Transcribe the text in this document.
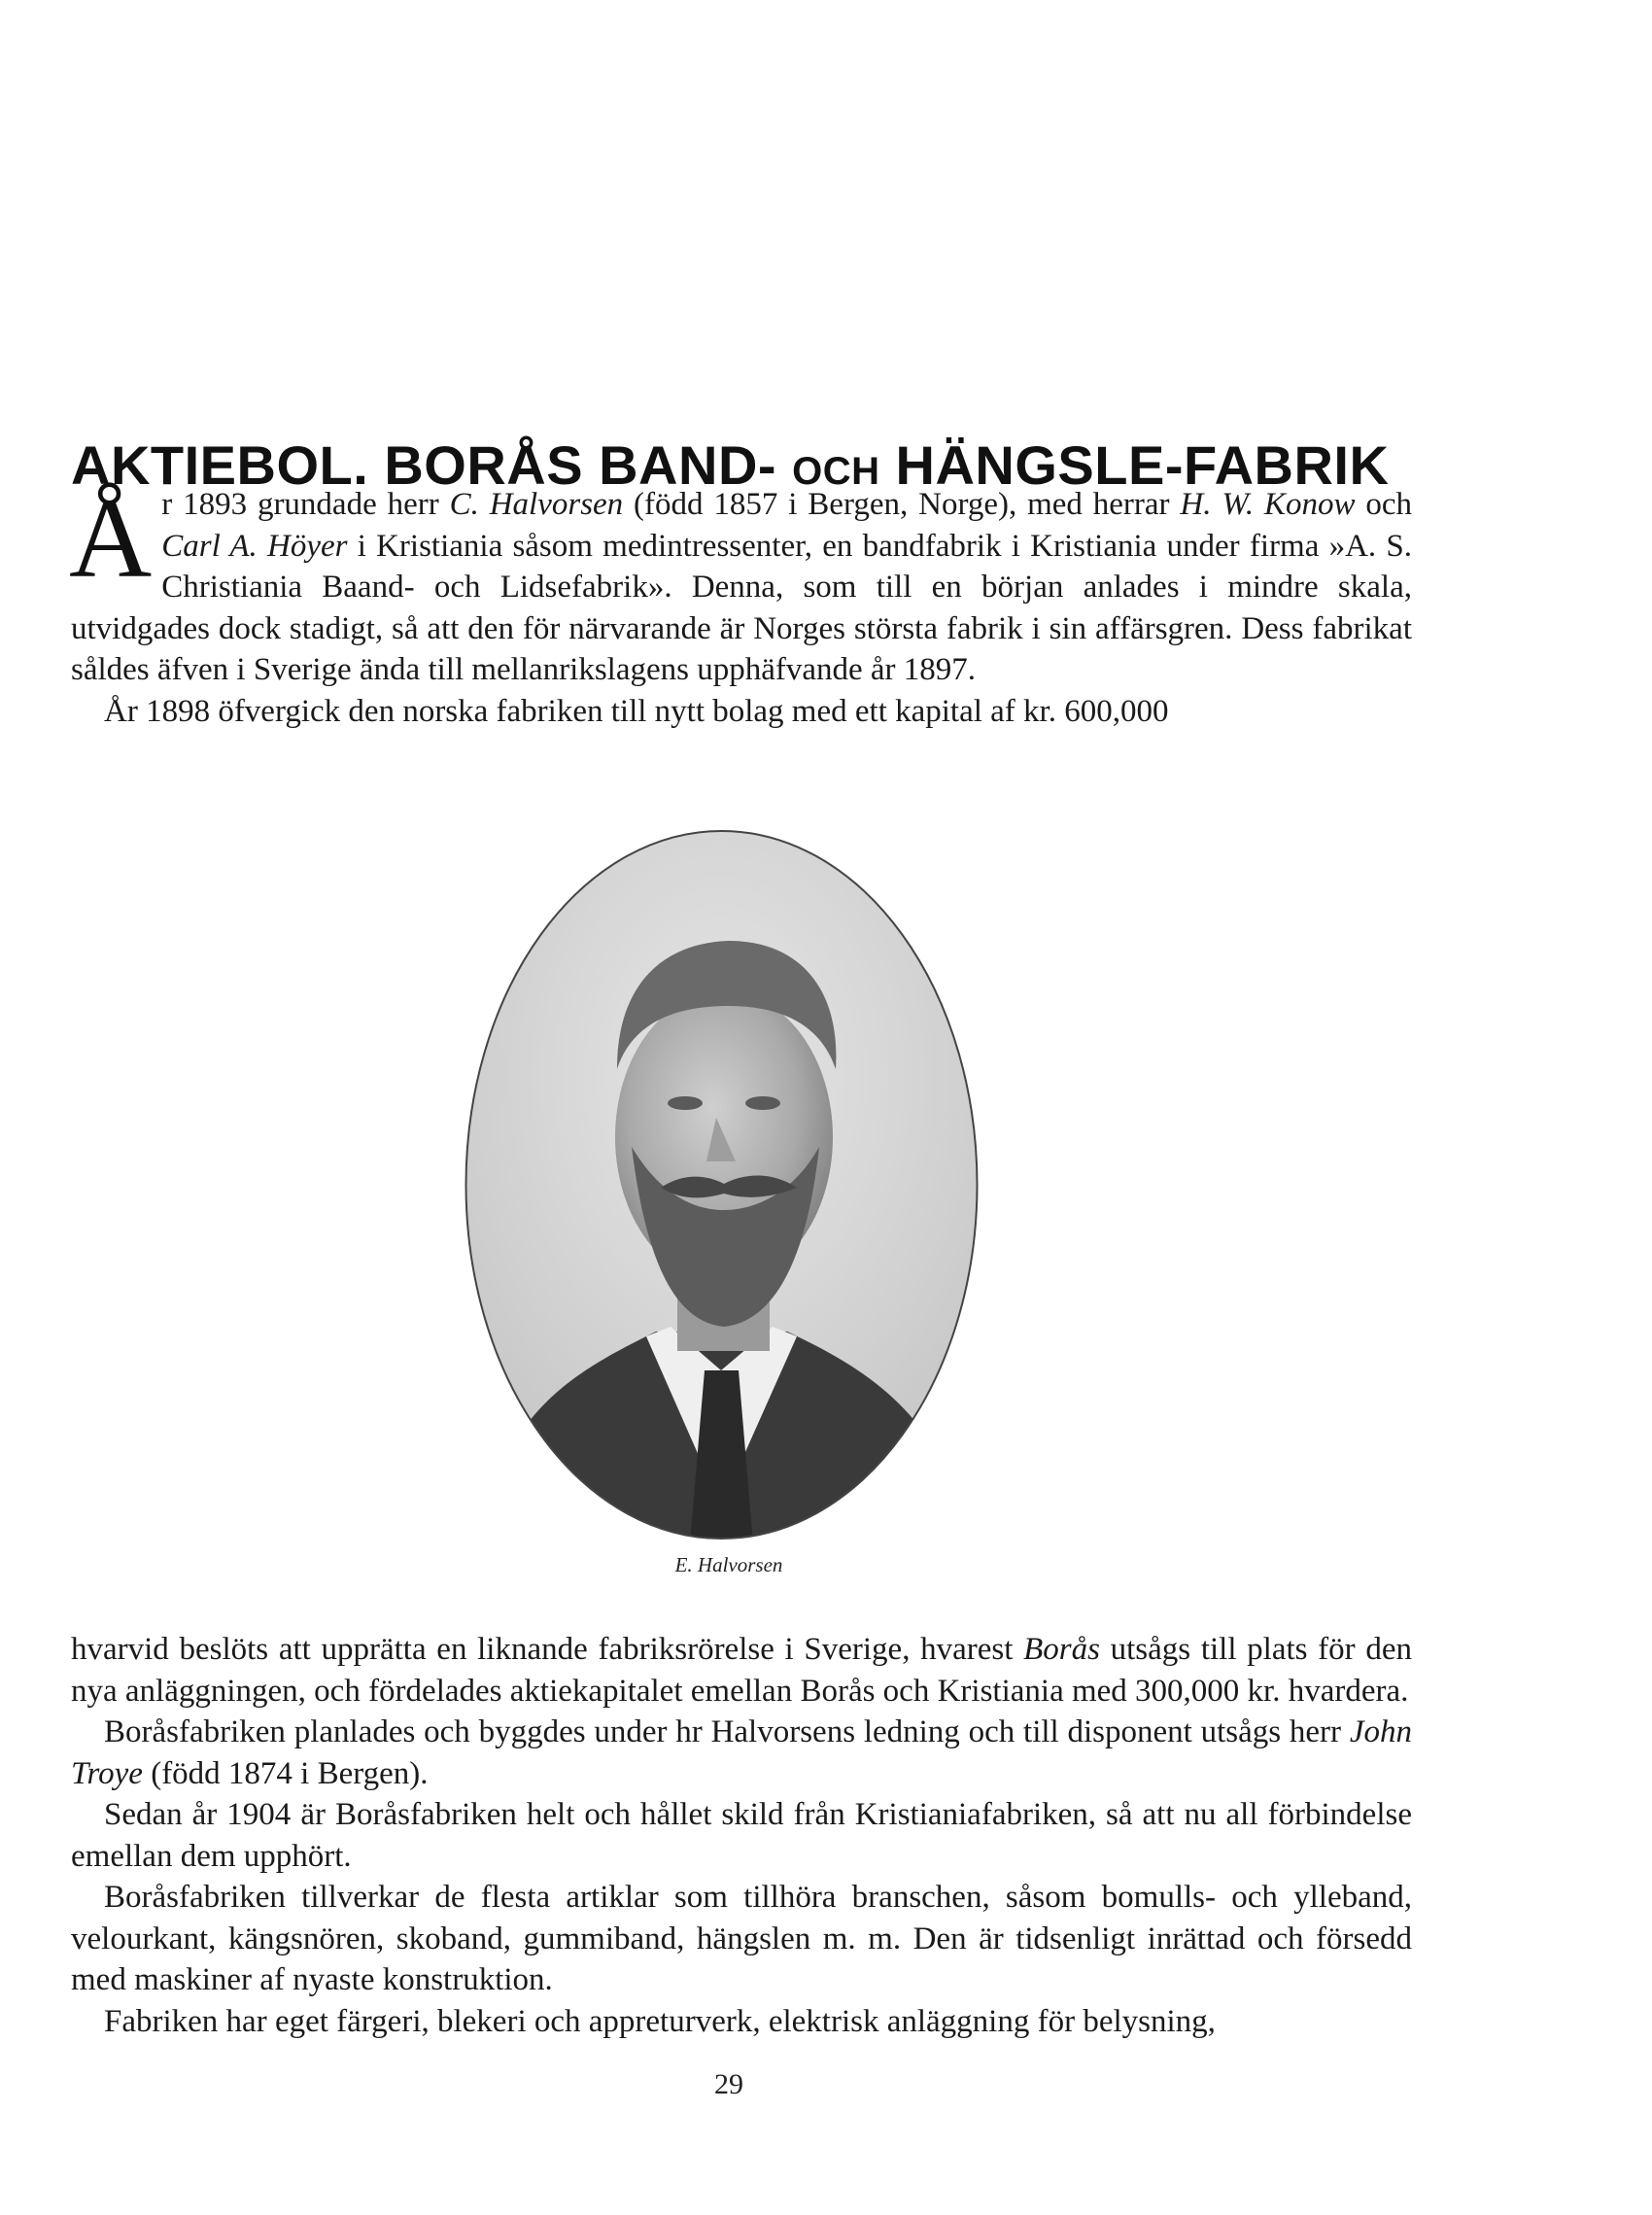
AKTIEBOL. BORÅS BAND- OCH HÄNGSLE-FABRIK

År 1893 grundade herr C. Halvorsen (född 1857 i Bergen, Norge), med herrar H. W. Konow och Carl A. Höyer i Kristiania såsom medintressenter, en bandfabrik i Kristiania under firma »A. S. Christiania Baand- och Lidsefabrik». Denna, som till en början anlades i mindre skala, utvidgades dock stadigt, så att den för närvarande är Norges största fabrik i sin affärsgren. Dess fabrikat såldes äfven i Sverige ända till mellanrikslagens upphäfvande år 1897.

År 1898 öfvergick den norska fabriken till nytt bolag med ett kapital af kr. 600,000

E. Halvorsen

hvarvid beslöts att upprätta en liknande fabriksrörelse i Sverige, hvarest Borås utsågs till plats för den nya anläggningen, och fördelades aktiekapitalet emellan Borås och Kristiania med 300,000 kr. hvardera.

Boråsfabriken planlades och byggdes under hr Halvorsens ledning och till disponent utsågs herr John Troye (född 1874 i Bergen).

Sedan år 1904 är Boråsfabriken helt och hållet skild från Kristianiafabriken, så att nu all förbindelse emellan dem upphört.

Boråsfabriken tillverkar de flesta artiklar som tillhöra branschen, såsom bomulls- och ylleband, velourkant, kängsnören, skoband, gummiband, hängslen m. m. Den är tidsenligt inrättad och försedd med maskiner af nyaste konstruktion.

Fabriken har eget färgeri, blekeri och appreturverk, elektrisk anläggning för belysning,

29
